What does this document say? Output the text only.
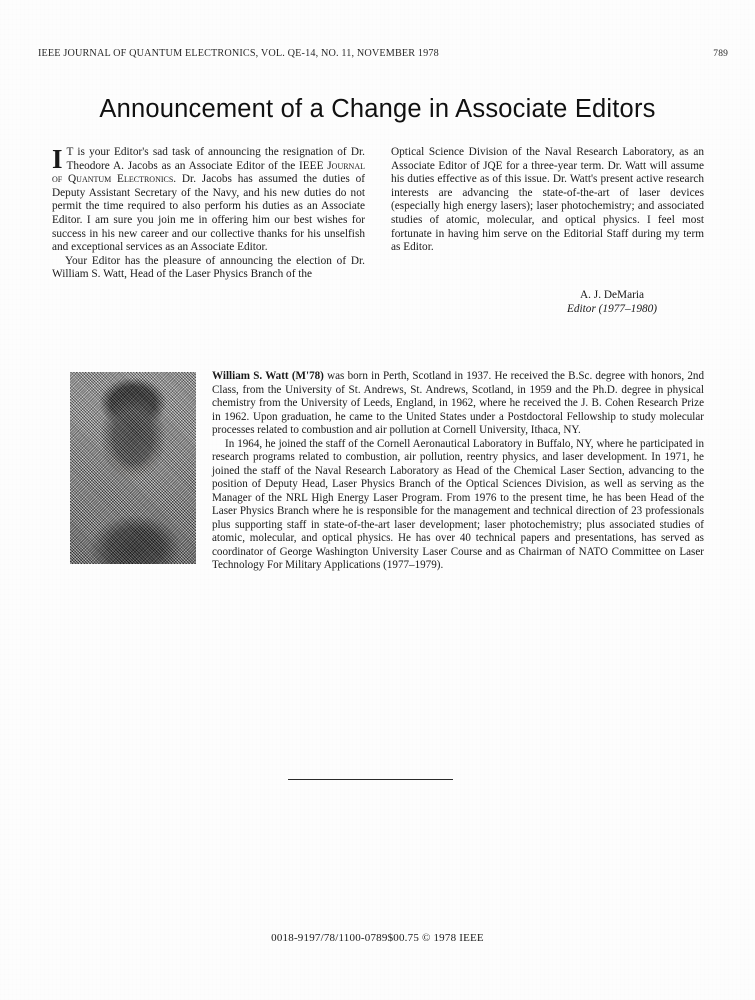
IEEE JOURNAL OF QUANTUM ELECTRONICS, VOL. QE-14, NO. 11, NOVEMBER 1978	789
Announcement of a Change in Associate Editors

I T is your Editor's sad task of announcing the resignation of Dr. Theodore A. Jacobs as an Associate Editor of the IEEE Journal of Quantum Electronics. Dr. Jacobs has assumed the duties of Deputy Assistant Secretary of the Navy, and his new duties do not permit the time required to also perform his duties as an Associate Editor. I am sure you join me in offering him our best wishes for success in his new career and our collective thanks for his unselfish and exceptional services as an Associate Editor.

Your Editor has the pleasure of announcing the election of Dr. William S. Watt, Head of the Laser Physics Branch of the

Optical Science Division of the Naval Research Laboratory, as an Associate Editor of JQE for a three-year term. Dr. Watt will assume his duties effective as of this issue. Dr. Watt's present active research interests are advancing the state-of-the-art of laser devices (especially high energy lasers); laser photochemistry; and associated studies of atomic, molecular, and optical physics. I feel most fortunate in having him serve on the Editorial Staff during my term as Editor.

A. J. DeMaria
Editor (1977–1980)

William S. Watt (M'78) was born in Perth, Scotland in 1937. He received the B.Sc. degree with honors, 2nd Class, from the University of St. Andrews, St. Andrews, Scotland, in 1959 and the Ph.D. degree in physical chemistry from the University of Leeds, England, in 1962, where he received the J. B. Cohen Research Prize in 1962. Upon graduation, he came to the United States under a Postdoctoral Fellowship to study molecular processes related to combustion and air pollution at Cornell University, Ithaca, NY.

In 1964, he joined the staff of the Cornell Aeronautical Laboratory in Buffalo, NY, where he participated in research programs related to combustion, air pollution, reentry physics, and laser development. In 1971, he joined the staff of the Naval Research Laboratory as Head of the Chemical Laser Section, advancing to the position of Deputy Head, Laser Physics Branch of the Optical Sciences Division, as well as serving as the Manager of the NRL High Energy Laser Program. From 1976 to the present time, he has been Head of the Laser Physics Branch where he is responsible for the management and technical direction of 23 professionals plus supporting staff in state-of-the-art laser development; laser photochemistry; plus associated studies of atomic, molecular, and optical physics. He has over 40 technical papers and presentations, has served as coordinator of George Washington University Laser Course and as Chairman of NATO Committee on Laser Technology For Military Applications (1977–1979).

0018-9197/78/1100-0789$00.75 © 1978 IEEE
